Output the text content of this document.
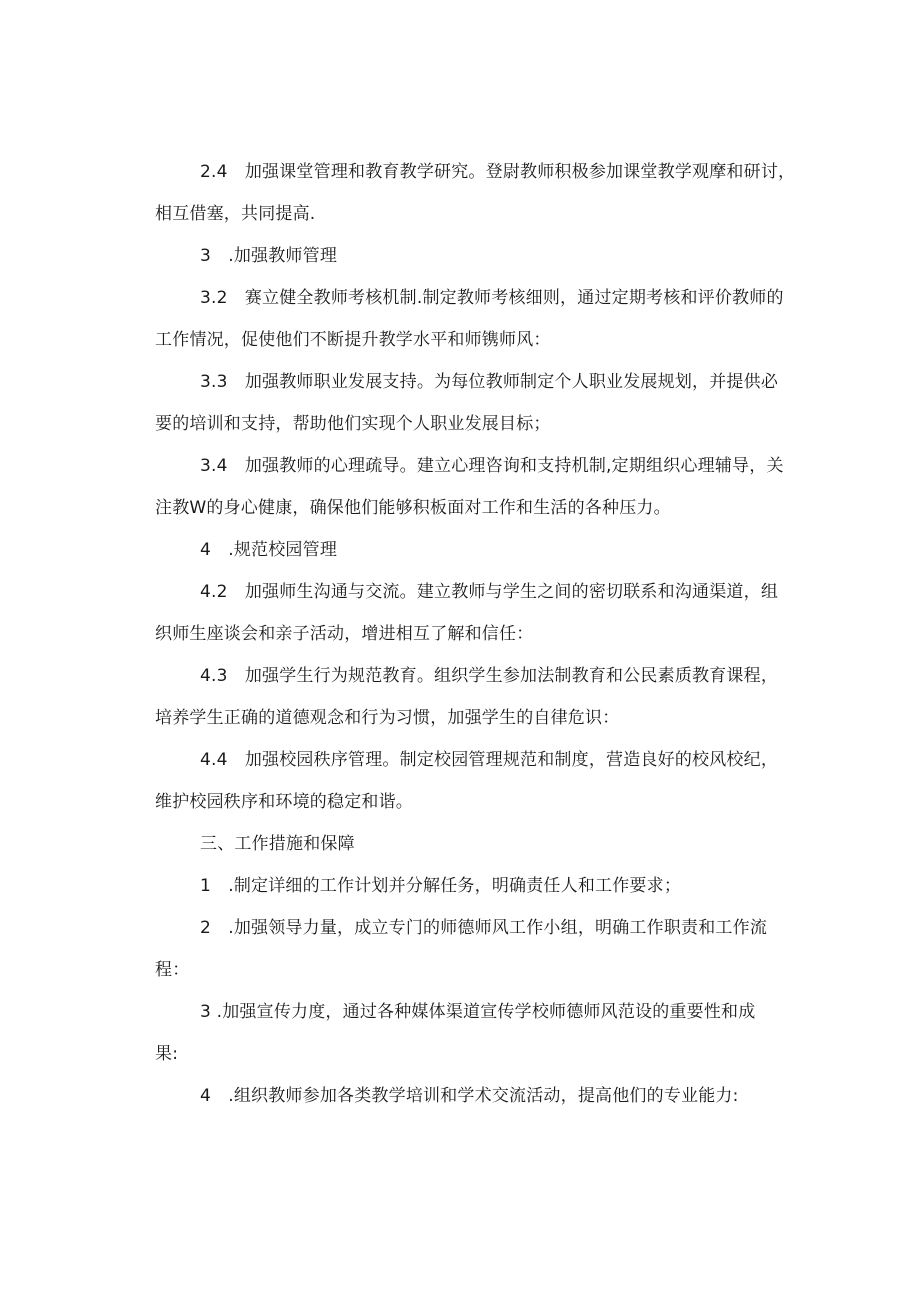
2.4　加强课堂管理和教育教学研究。登尉教师积极参加课堂教学观摩和研讨，
相互借塞，共同提高.
3　.加强教师管理
3.2　赛立健全教师考核机制.制定教师考核细则，通过定期考核和评价教师的
工作情况，促使他们不断提升教学水平和师镌师风：
3.3　加强教师职业发展支持。为每位教师制定个人职业发展规划，并提供必
要的培训和支持，帮助他们实现个人职业发展目标；
3.4　加强教师的心理疏导。建立心理咨询和支持机制,定期组织心理辅导，关
注教W的身心健康，确保他们能够积板面对工作和生活的各种压力。
4　.规范校园管理
4.2　加强师生沟通与交流。建立教师与学生之间的密切联系和沟通渠道，组
织师生座谈会和亲子活动，增进相互了解和信任：
4.3　加强学生行为规范教育。组织学生参加法制教育和公民素质教育课程，
培养学生正确的道德观念和行为习惯，加强学生的自律危识：
4.4　加强校园秩序管理。制定校园管理规范和制度，营造良好的校风校纪，
维护校园秩序和环境的稳定和谐。
三、工作措施和保障
1　.制定详细的工作计划并分解任务，明确责任人和工作要求；
2　.加强领导力量，成立专门的师德师风工作小组，明确工作职责和工作流
程：
3 .加强宣传力度，通过各种媒体渠道宣传学校师德师风范设的重要性和成
果:
4　.组织教师参加各类教学培训和学术交流活动，提高他们的专业能力:
